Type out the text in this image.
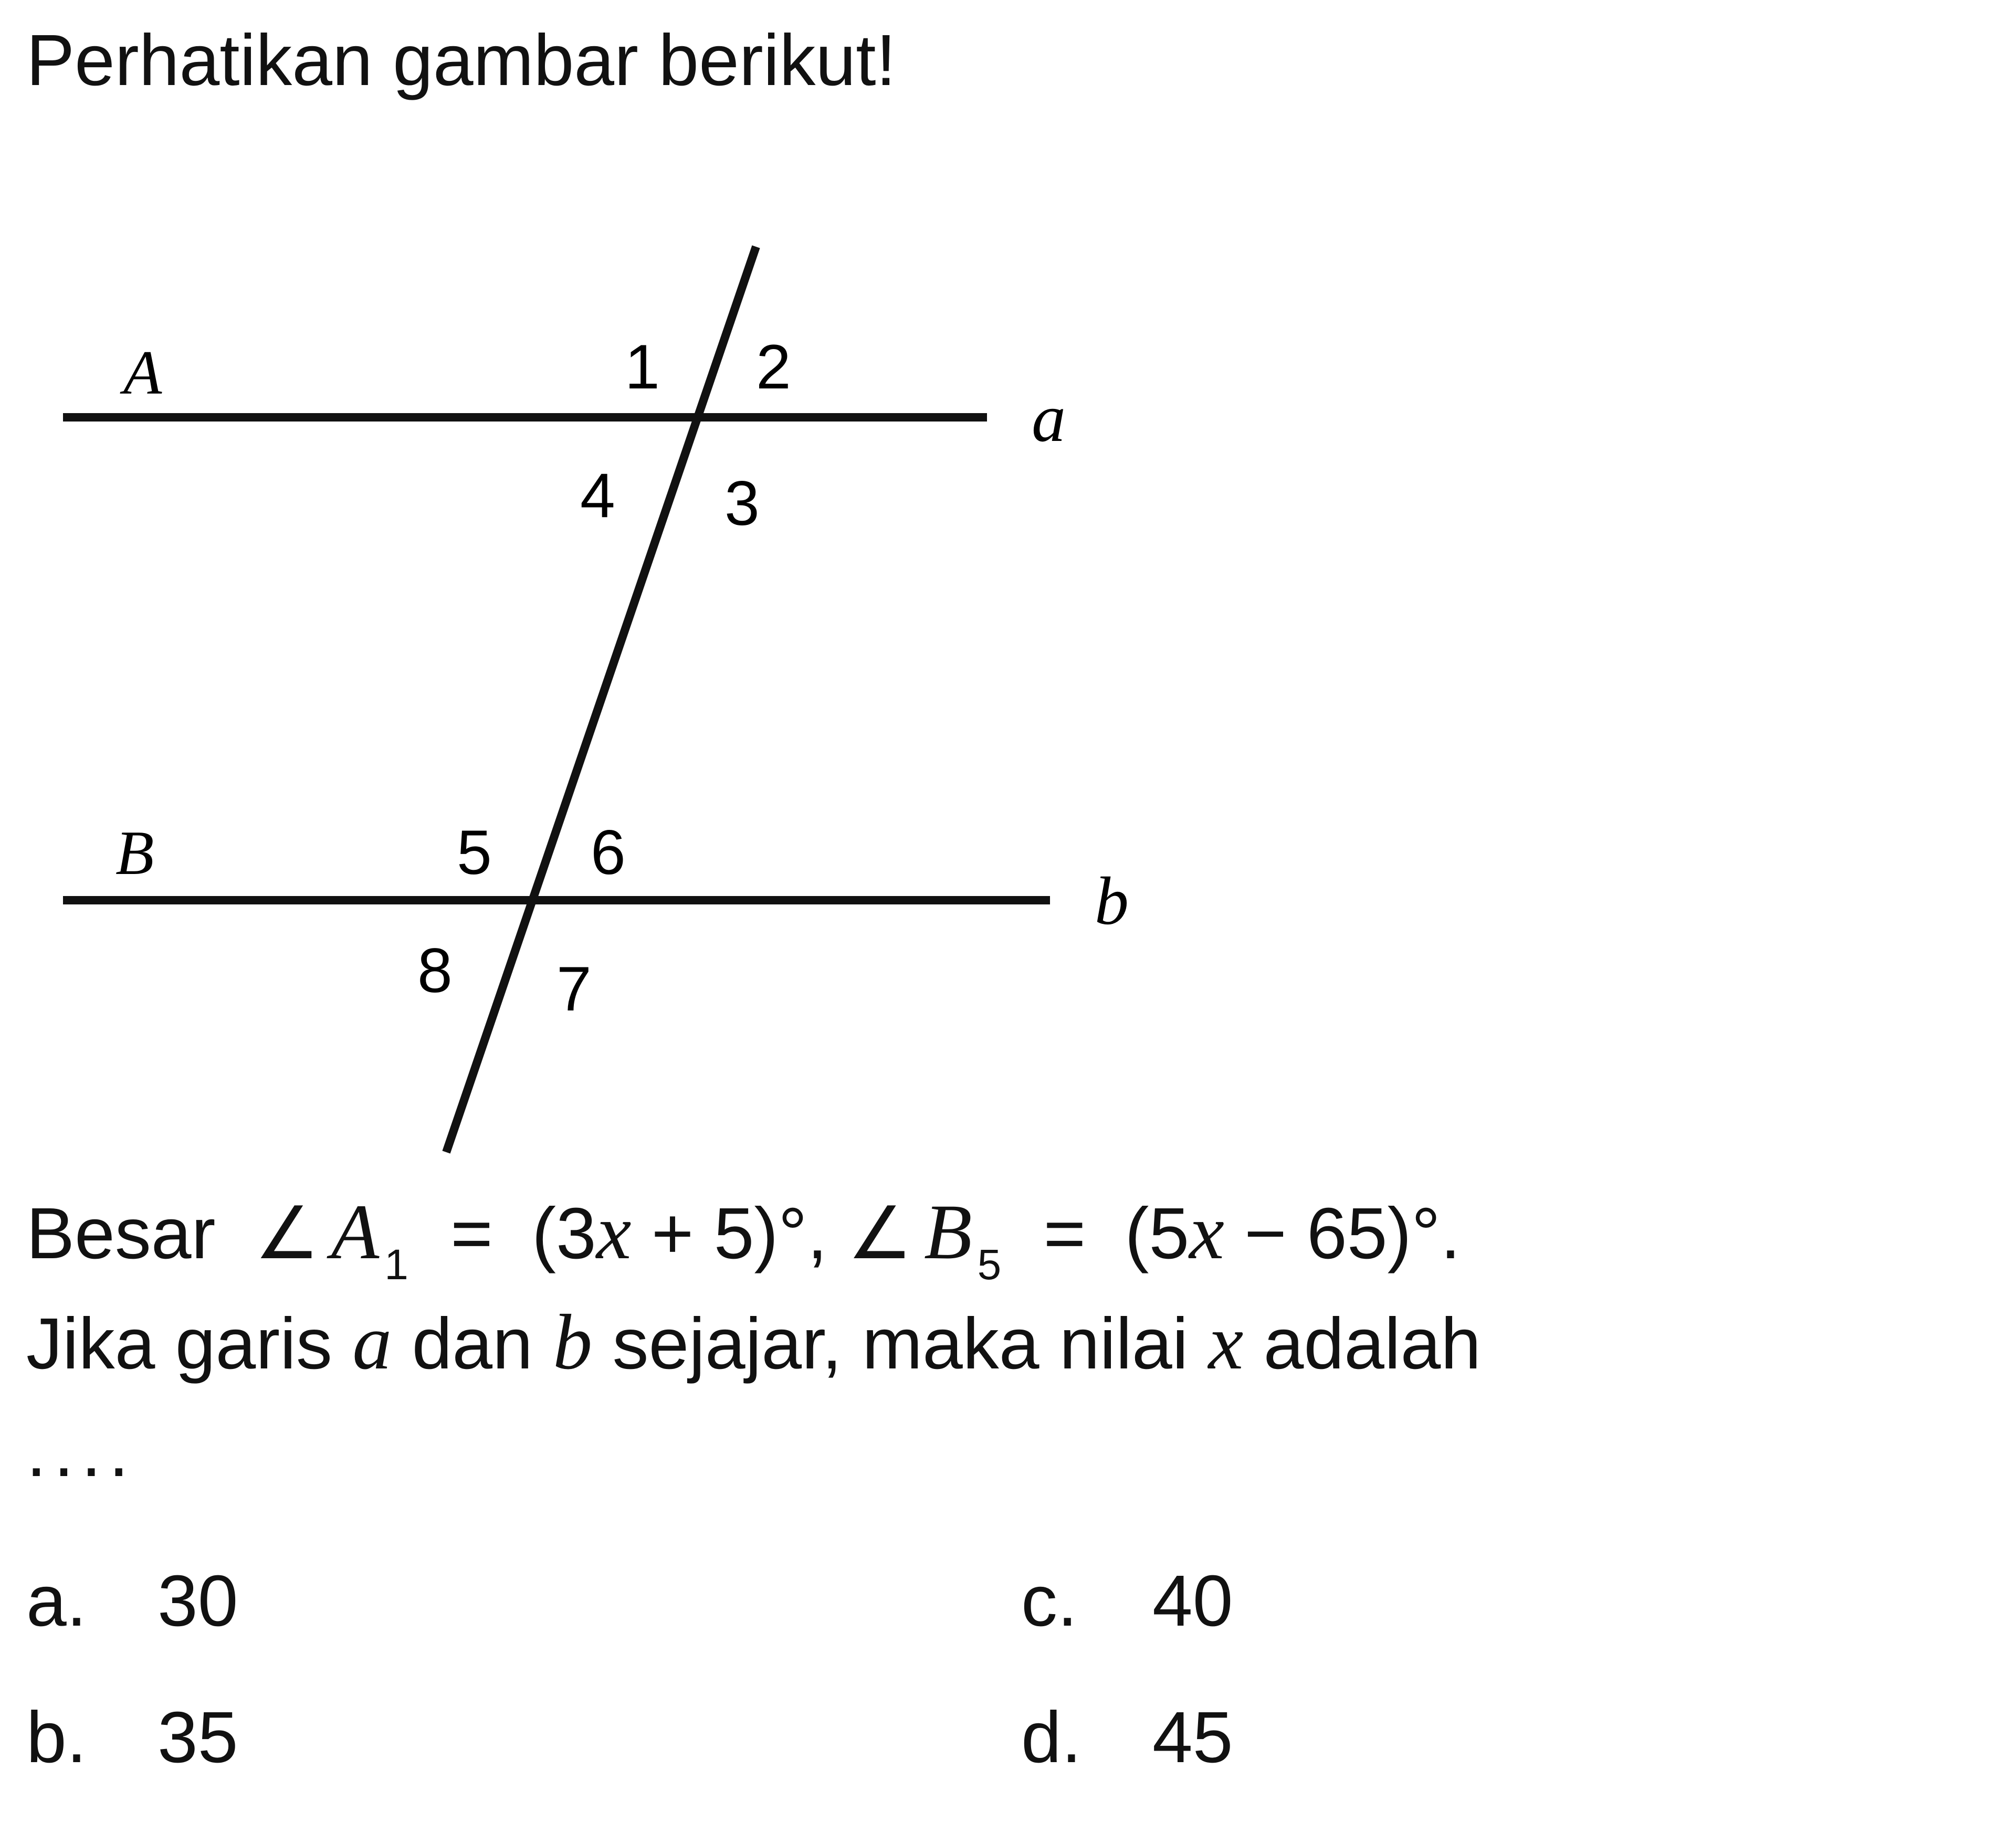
Perhatikan gambar berikut!
A
a
B
b
1 2
3
4
5 6
7
8
Besar ∠ A $_1$ = (3x + 5)°, ∠ B $_5$ = (5x − 65)°.
Jika garis a dan b sejajar, maka nilai x adalah
....
a. 30
b. 35
c. 40
d. 45
